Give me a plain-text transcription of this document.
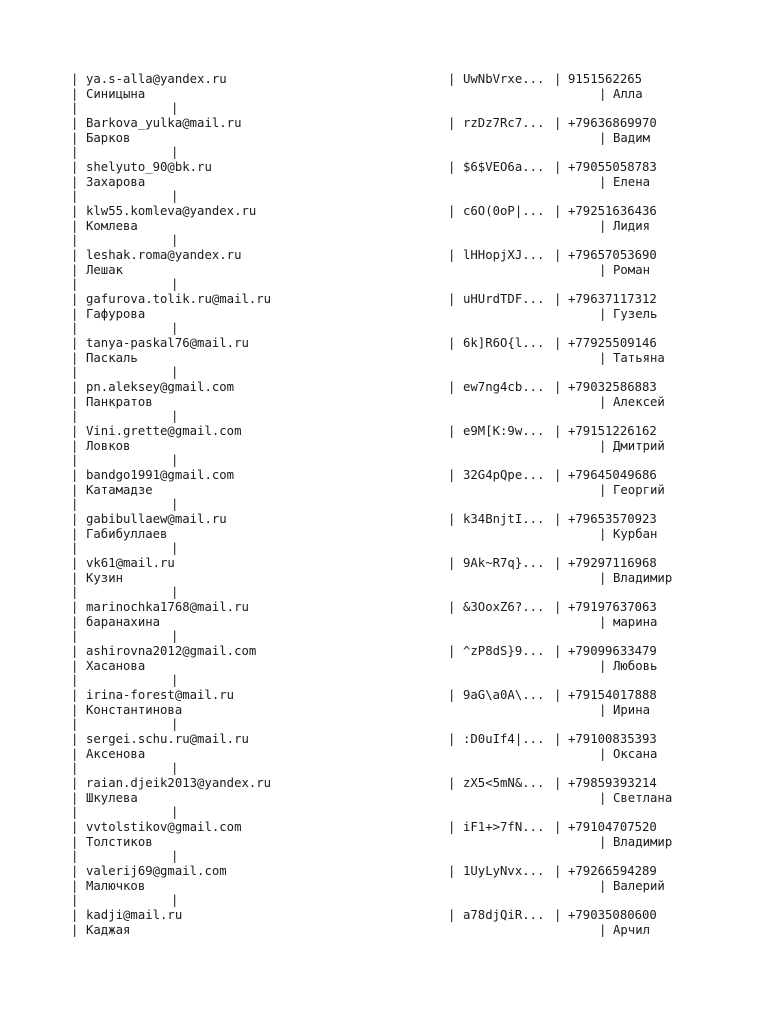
| ya.s-alla@yandex.ru	| UwNbVrxe... | 9151562265
| Синицына	| Алла
|	|
| Barkova_yulka@mail.ru	| rzDz7Rc7... | +79636869970
| Барков	| Вадим
|	|
| shelyuto_90@bk.ru	| $6$VEO6a... | +79055058783
| Захарова	| Елена
|	|
| klw55.komleva@yandex.ru	| c6O(0oP|... | +79251636436
| Комлева	| Лидия
|	|
| leshak.roma@yandex.ru	| lHHopjXJ... | +79657053690
| Лешак	| Роман
|	|
| gafurova.tolik.ru@mail.ru	| uHUrdTDF... | +79637117312
| Гафурова	| Гузель
|	|
| tanya-paskal76@mail.ru	| 6k]R6O{l... | +77925509146
| Паскаль	| Татьяна
|	|
| pn.aleksey@gmail.com	| ew7ng4cb... | +79032586883
| Панкратов	| Алексей
|	|
| Vini.grette@gmail.com	| e9M[K:9w... | +79151226162
| Ловков	| Дмитрий
|	|
| bandgo1991@gmail.com	| 32G4pQpe... | +79645049686
| Катамадзе	| Георгий
|	|
| gabibullaew@mail.ru	| k34BnjtI... | +79653570923
| Габибуллаев	| Курбан
|	|
| vk61@mail.ru	| 9Ak~R7q}... | +79297116968
| Кузин	| Владимир
|	|
| marinochka1768@mail.ru	| &3OoxZ6?... | +79197637063
| баранахина	| марина
|	|
| ashirovna2012@gmail.com	| ^zP8dS}9... | +79099633479
| Хасанова	| Любовь
|	|
| irina-forest@mail.ru	| 9aG\a0A\... | +79154017888
| Константинова	| Ирина
|	|
| sergei.schu.ru@mail.ru	| :D0uIf4|... | +79100835393
| Аксенова	| Оксана
|	|
| raian.djeik2013@yandex.ru	| zX5<5mN&... | +79859393214
| Шкулева	| Светлана
|	|
| vvtolstikov@gmail.com	| iF1+>7fN... | +79104707520
| Толстиков	| Владимир
|	|
| valerij69@gmail.com	| 1UyLyNvx... | +79266594289
| Малючков	| Валерий
|	|
| kadji@mail.ru	| a78djQiR... | +79035080600
| Каджая	| Арчил
